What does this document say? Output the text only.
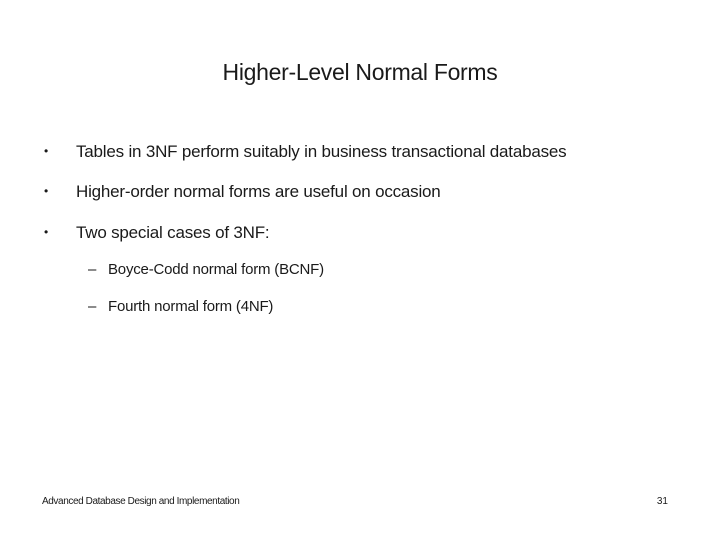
Higher-Level Normal Forms
• Tables in 3NF perform suitably in business transactional databases
• Higher-order normal forms are useful on occasion
• Two special cases of 3NF:
– Boyce-Codd normal form (BCNF)
– Fourth normal form (4NF)
Advanced Database Design and Implementation	31
